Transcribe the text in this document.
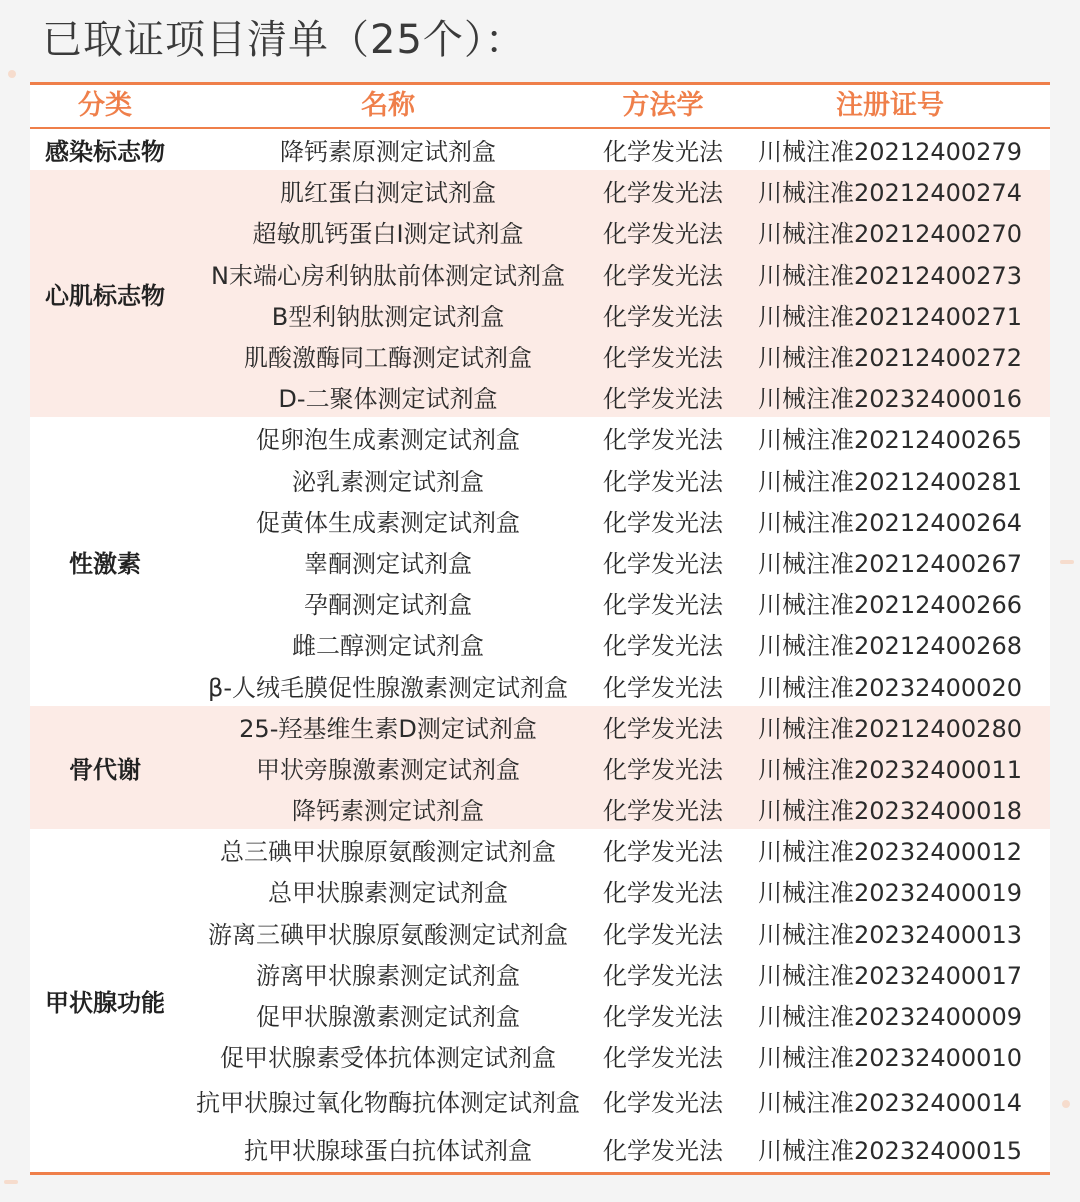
已取证项目清单（25个）：
分类	名称	方法学	注册证号
感染标志物	降钙素原测定试剂盒	化学发光法	川械注准20212400279
心肌标志物
肌红蛋白测定试剂盒	化学发光法	川械注准20212400274
超敏肌钙蛋白I测定试剂盒	化学发光法	川械注准20212400270
N末端心房利钠肽前体测定试剂盒	化学发光法	川械注准20212400273
B型利钠肽测定试剂盒	化学发光法	川械注准20212400271
肌酸激酶同工酶测定试剂盒	化学发光法	川械注准20212400272
D-二聚体测定试剂盒	化学发光法	川械注准20232400016
性激素
促卵泡生成素测定试剂盒	化学发光法	川械注准20212400265
泌乳素测定试剂盒	化学发光法	川械注准20212400281
促黄体生成素测定试剂盒	化学发光法	川械注准20212400264
睾酮测定试剂盒	化学发光法	川械注准20212400267
孕酮测定试剂盒	化学发光法	川械注准20212400266
雌二醇测定试剂盒	化学发光法	川械注准20212400268
β-人绒毛膜促性腺激素测定试剂盒	化学发光法	川械注准20232400020
骨代谢
25-羟基维生素D测定试剂盒	化学发光法	川械注准20212400280
甲状旁腺激素测定试剂盒	化学发光法	川械注准20232400011
降钙素测定试剂盒	化学发光法	川械注准20232400018
甲状腺功能
总三碘甲状腺原氨酸测定试剂盒	化学发光法	川械注准20232400012
总甲状腺素测定试剂盒	化学发光法	川械注准20232400019
游离三碘甲状腺原氨酸测定试剂盒	化学发光法	川械注准20232400013
游离甲状腺素测定试剂盒	化学发光法	川械注准20232400017
促甲状腺激素测定试剂盒	化学发光法	川械注准20232400009
促甲状腺素受体抗体测定试剂盒	化学发光法	川械注准20232400010
抗甲状腺过氧化物酶抗体测定试剂盒 化学发光法	川械注准20232400014
抗甲状腺球蛋白抗体试剂盒	化学发光法	川械注准20232400015
